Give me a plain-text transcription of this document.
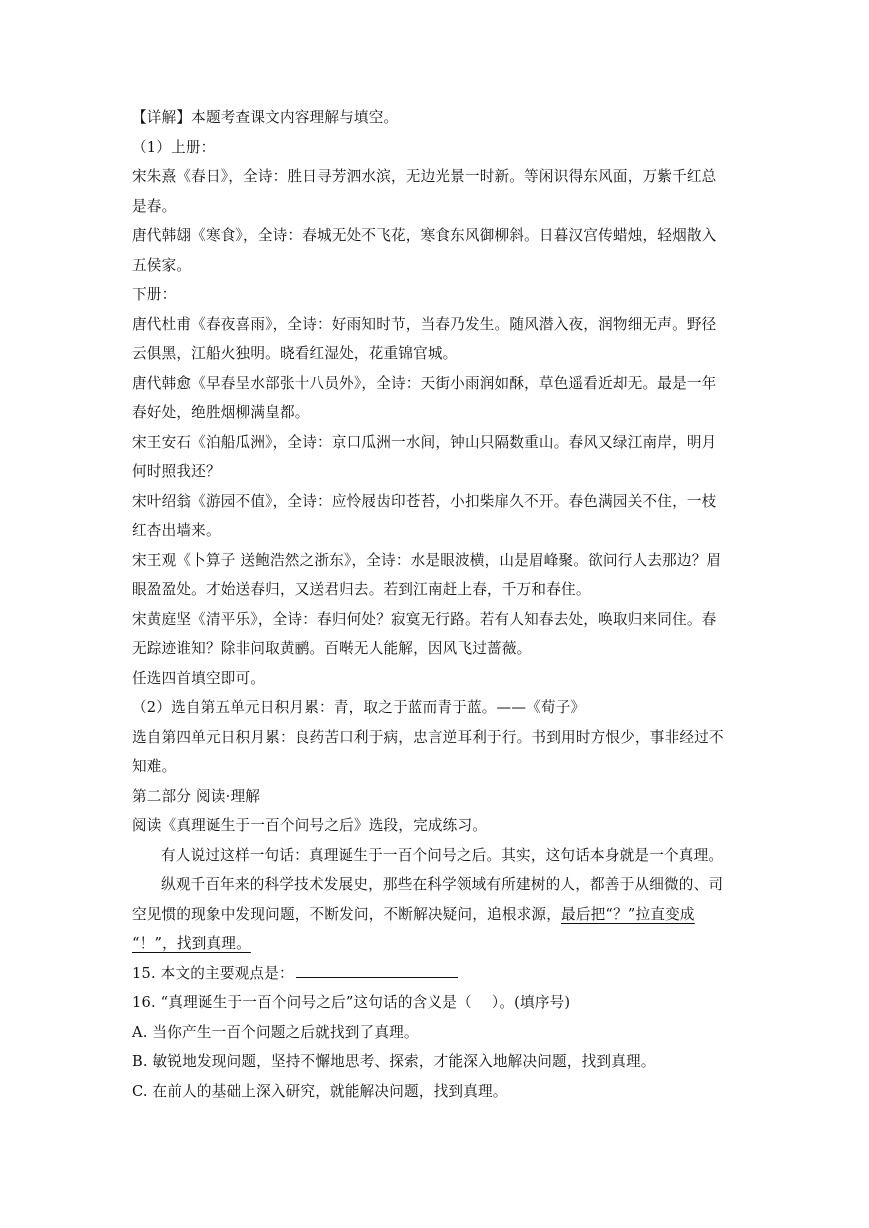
【详解】本题考查课文内容理解与填空。
（1）上册：
宋朱熹《春日》，全诗：胜日寻芳泗水滨，无边光景一时新。等闲识得东风面，万紫千红总
是春。
唐代韩翃《寒食》，全诗：春城无处不飞花，寒食东风御柳斜。日暮汉宫传蜡烛，轻烟散入
五侯家。
下册：
唐代杜甫《春夜喜雨》，全诗：好雨知时节，当春乃发生。随风潜入夜，润物细无声。野径
云俱黑，江船火独明。晓看红湿处，花重锦官城。
唐代韩愈《早春呈水部张十八员外》，全诗：天街小雨润如酥，草色遥看近却无。最是一年
春好处，绝胜烟柳满皇都。
宋王安石《泊船瓜洲》，全诗：京口瓜洲一水间，钟山只隔数重山。春风又绿江南岸，明月
何时照我还？
宋叶绍翁《游园不值》，全诗：应怜屐齿印苍苔，小扣柴扉久不开。春色满园关不住，一枝
红杏出墙来。
宋王观《卜算子 送鲍浩然之浙东》，全诗：水是眼波横，山是眉峰聚。欲问行人去那边？眉
眼盈盈处。才始送春归，又送君归去。若到江南赶上春，千万和春住。
宋黄庭坚《清平乐》，全诗：春归何处？寂寞无行路。若有人知春去处，唤取归来同住。春
无踪迹谁知？除非问取黄鹂。百啭无人能解，因风飞过蔷薇。
任选四首填空即可。
（2）选自第五单元日积月累：青，取之于蓝而青于蓝。——《荀子》
选自第四单元日积月累：良药苦口利于病，忠言逆耳利于行。书到用时方恨少，事非经过不
知难。
第二部分 阅读·理解
阅读《真理诞生于一百个问号之后》选段，完成练习。
有人说过这样一句话：真理诞生于一百个问号之后。其实，这句话本身就是一个真理。
纵观千百年来的科学技术发展史，那些在科学领域有所建树的人，都善于从细微的、司
空见惯的现象中发现问题，不断发问，不断解决疑问，追根求源，最后把“？”拉直变成
“！”，找到真理。
15. 本文的主要观点是：
16. “真理诞生于一百个问号之后”这句话的含义是（ ）。(填序号)
A. 当你产生一百个问题之后就找到了真理。
B. 敏锐地发现问题，坚持不懈地思考、探索，才能深入地解决问题，找到真理。
C. 在前人的基础上深入研究，就能解决问题，找到真理。
